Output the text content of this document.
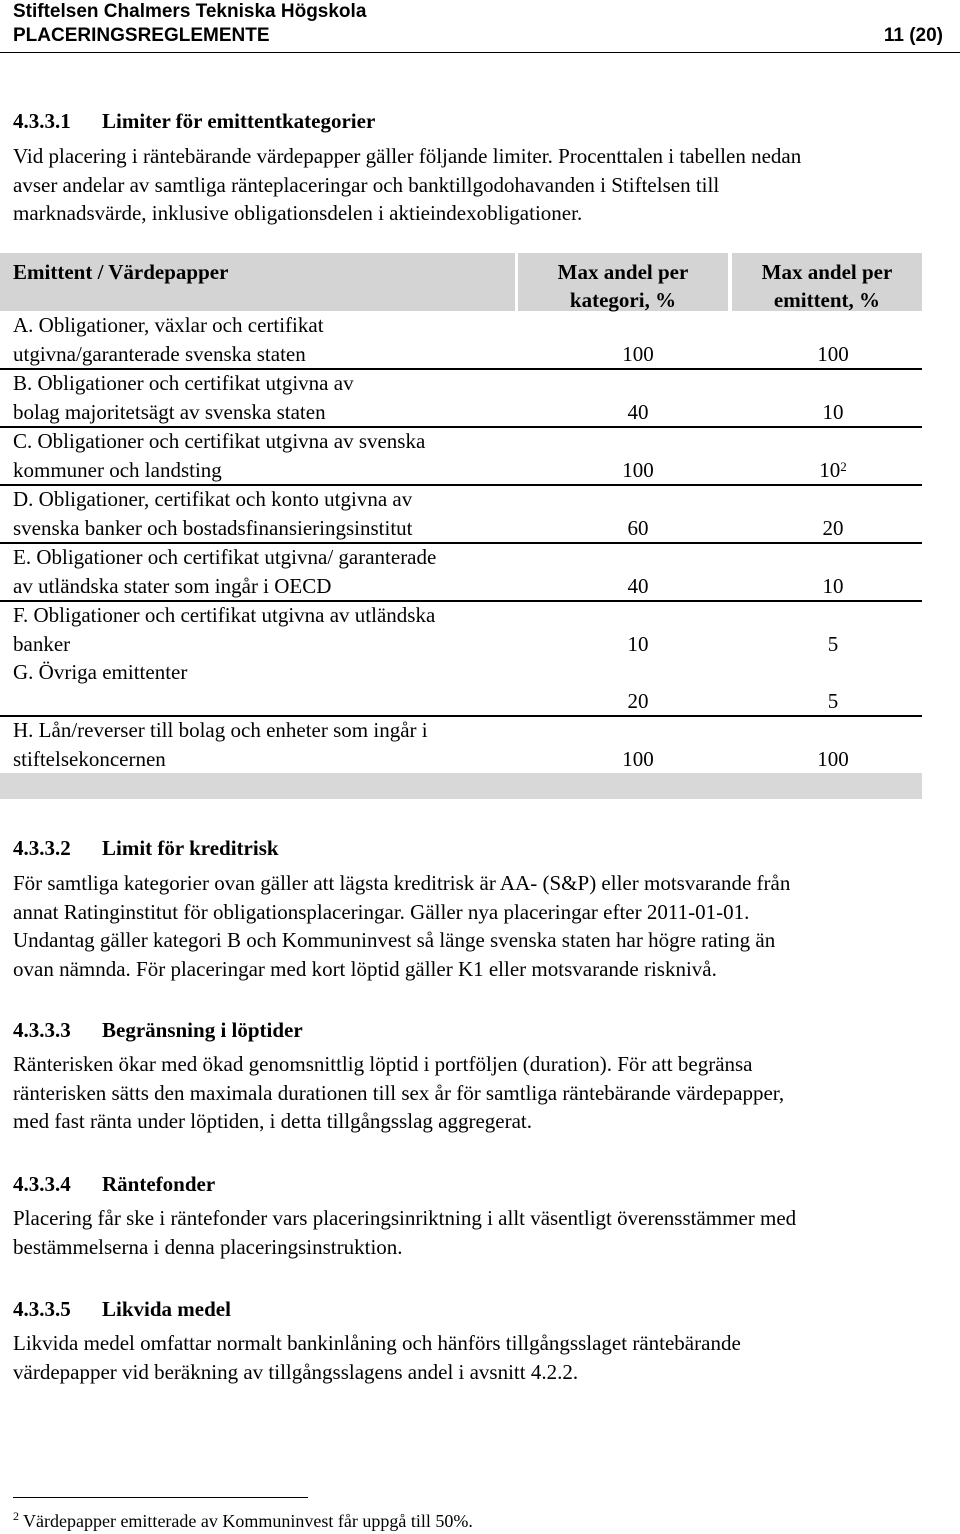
Stiftelsen Chalmers Tekniska Högskola
PLACERINGSREGLEMENTE	11 (20)
4.3.3.1 Limiter för emittentkategorier
Vid placering i räntebärande värdepapper gäller följande limiter. Procenttalen i tabellen nedan
avser andelar av samtliga ränteplaceringar och banktillgodohavanden i Stiftelsen till
marknadsvärde, inklusive obligationsdelen i aktieindexobligationer.
Emittent / Värdepapper	Max andel per
kategori, %
Max andel per
emittent, %
A. Obligationer, växlar och certifikat
utgivna/garanterade svenska staten	100	100
B. Obligationer och certifikat utgivna av
bolag majoritetsägt av svenska staten	40	10
C. Obligationer och certifikat utgivna av svenska
kommuner och landsting	100	$10^2$
D. Obligationer, certifikat och konto utgivna av
svenska banker och bostadsfinansieringsinstitut	60	20
E. Obligationer och certifikat utgivna/ garanterade
av utländska stater som ingår i OECD	40	10
F. Obligationer och certifikat utgivna av utländska
banker	10	5
G. Övriga emittenter
20	5
H. Lån/reverser till bolag och enheter som ingår i
stiftelsekoncernen	100	100
4.3.3.2 Limit för kreditrisk
För samtliga kategorier ovan gäller att lägsta kreditrisk är AA- (S&P) eller motsvarande från
annat Ratinginstitut för obligationsplaceringar. Gäller nya placeringar efter 2011-01-01.
Undantag gäller kategori B och Kommuninvest så länge svenska staten har högre rating än
ovan nämnda. För placeringar med kort löptid gäller K1 eller motsvarande risknivå.
4.3.3.3 Begränsning i löptider
Ränterisken ökar med ökad genomsnittlig löptid i portföljen (duration). För att begränsa
ränterisken sätts den maximala durationen till sex år för samtliga räntebärande värdepapper,
med fast ränta under löptiden, i detta tillgångsslag aggregerat.
4.3.3.4 Räntefonder
Placering får ske i räntefonder vars placeringsinriktning i allt väsentligt överensstämmer med
bestämmelserna i denna placeringsinstruktion.
4.3.3.5 Likvida medel
Likvida medel omfattar normalt bankinlåning och hänförs tillgångsslaget räntebärande
värdepapper vid beräkning av tillgångsslagens andel i avsnitt 4.2.2.
$^2$ Värdepapper emitterade av Kommuninvest får uppgå till 50%.
